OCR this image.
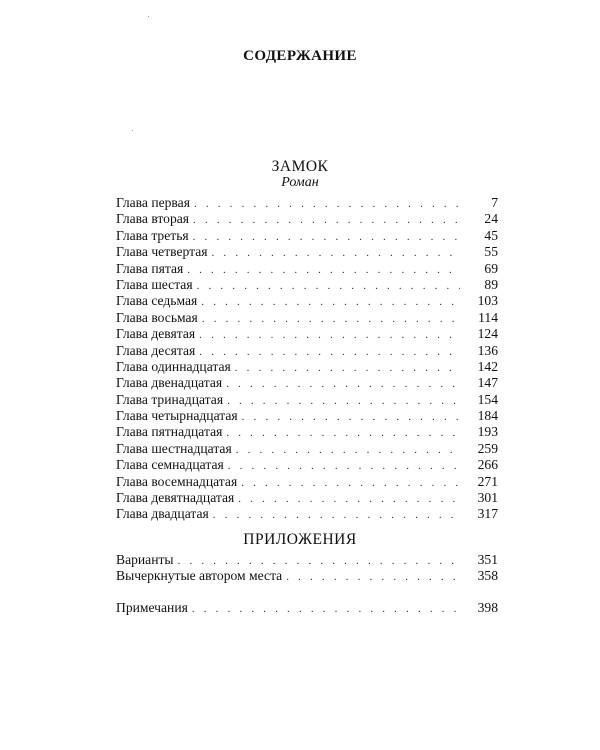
СОДЕРЖАНИЕ
ЗАМОК
Роман
Глава первая . . .	7
Глава вторая . . .	24
Глава третья . . .	45
Глава четвертая . . .	55
Глава пятая . . .	69
Глава шестая . . .	89
Глава седьмая . . .	103
Глава восьмая . . .	114
Глава девятая . . .	124
Глава десятая . . .	136
Глава одиннадцатая . . .	142
Глава двенадцатая . . .	147
Глава тринадцатая . . .	154
Глава четырнадцатая . . .	184
Глава пятнадцатая . . .	193
Глава шестнадцатая . . .	259
Глава семнадцатая . . .	266
Глава восемнадцатая . . .	271
Глава девятнадцатая . . .	301
Глава двадцатая . . .	317
ПРИЛОЖЕНИЯ
Варианты . . .	351
Вычеркнутые автором места . . .	358
Примечания . . .	398
